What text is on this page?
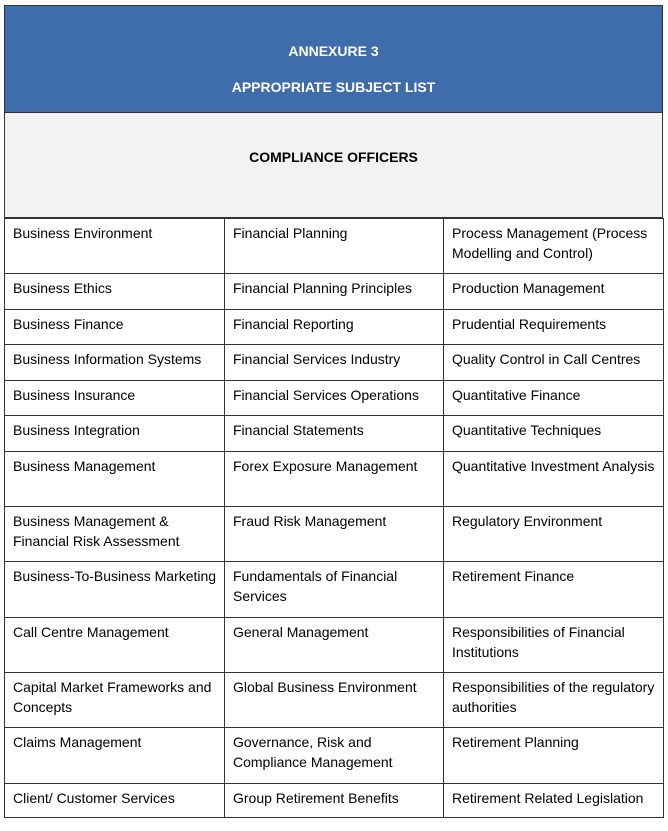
ANNEXURE 3
APPROPRIATE SUBJECT LIST
COMPLIANCE OFFICERS
Business Environment	Financial Planning	Process Management (Process Modelling and Control)
Business Ethics	Financial Planning Principles	Production Management
Business Finance	Financial Reporting	Prudential Requirements
Business Information Systems	Financial Services Industry	Quality Control in Call Centres
Business Insurance	Financial Services Operations	Quantitative Finance
Business Integration	Financial Statements	Quantitative Techniques
Business Management	Forex Exposure Management	Quantitative Investment Analysis
Business Management & Financial Risk Assessment	Fraud Risk Management	Regulatory Environment
Business-To-Business Marketing	Fundamentals of Financial Services	Retirement Finance
Call Centre Management	General Management	Responsibilities of Financial Institutions
Capital Market Frameworks and Concepts	Global Business Environment	Responsibilities of the regulatory authorities
Claims Management	Governance, Risk and Compliance Management	Retirement Planning
Client/ Customer Services	Group Retirement Benefits	Retirement Related Legislation
